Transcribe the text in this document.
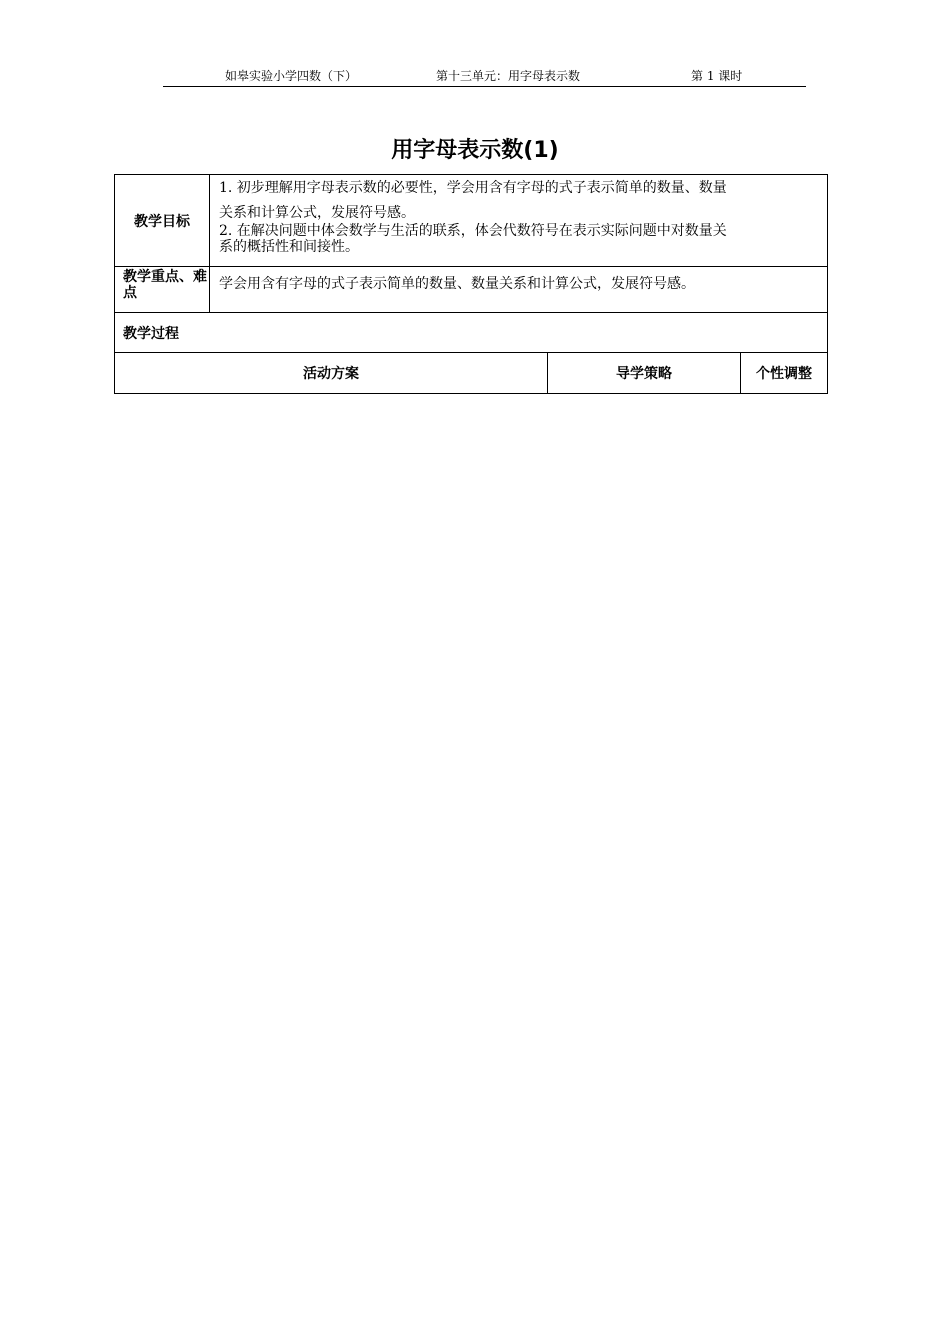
如皋实验小学四数（下）	第十三单元：用字母表示数	第 1 课时
用字母表示数(1)
教学目标	1. 初步理解用字母表示数的必要性，学会用含有字母的式子表示简单的数量、数量
关系和计算公式，发展符号感。
2. 在解决问题中体会数学与生活的联系，体会代数符号在表示实际问题中对数量关
系的概括性和间接性。		

教学重点、难点	学会用含有字母的式子表示简单的数量、数量关系和计算公式，发展符号感。		
教学过程			
活动方案		导学策略	个性调整
